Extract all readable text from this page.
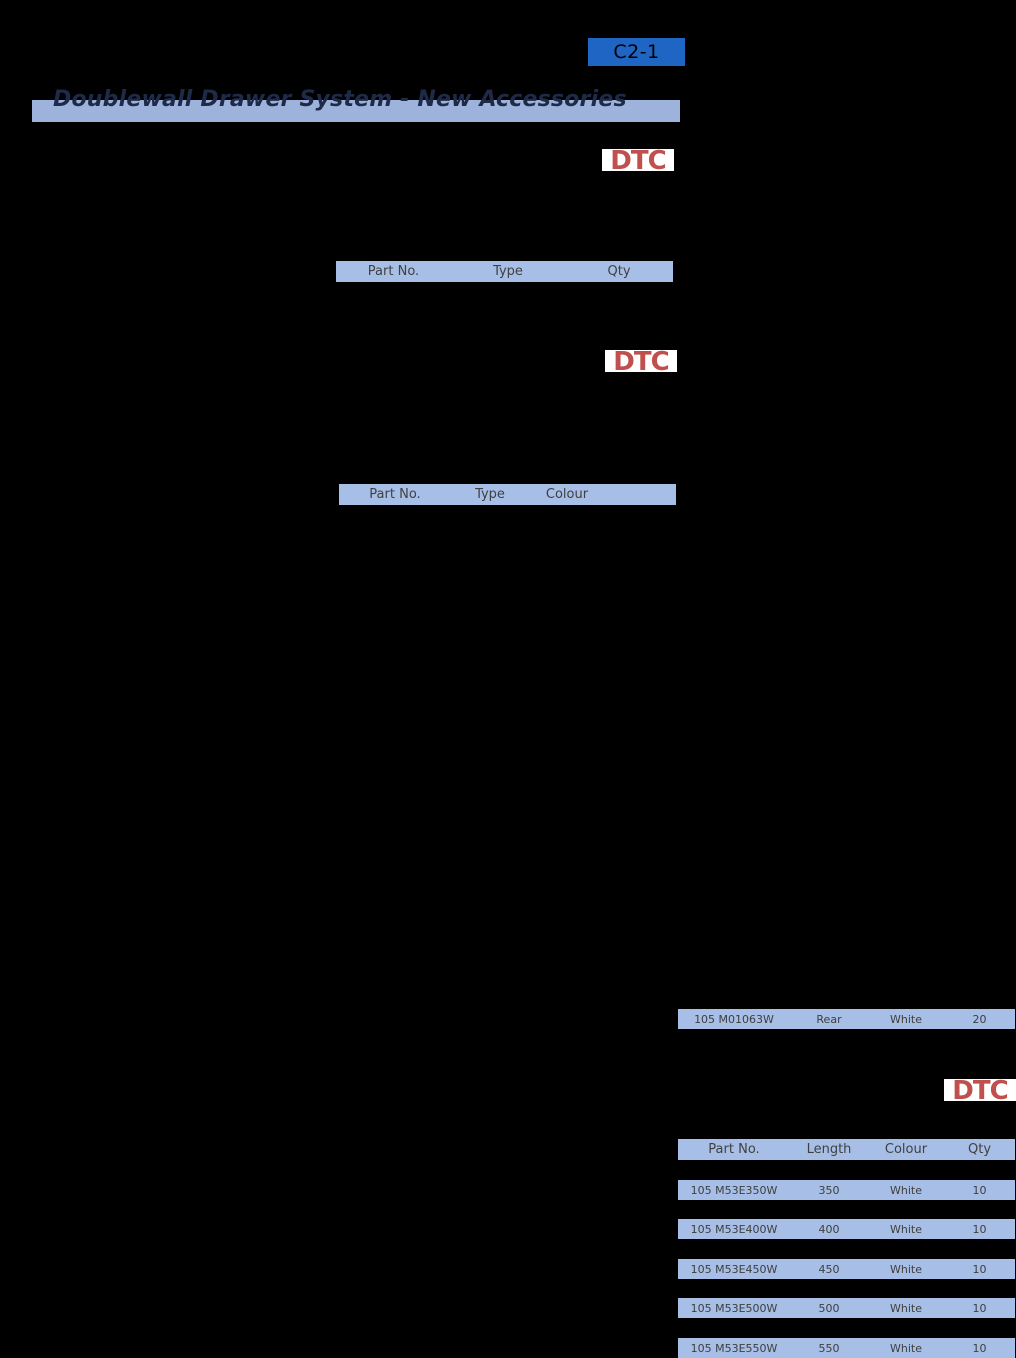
C2-1
Doublewall Drawer System - New Accessories
DTC
Part No.	Type	Qty
DTC
Part No.	Type	Colour
105 M01063W	Rear	White	20
DTC
Part No.	Length	Colour	Qty
105 M53E350W	350	White	10
105 M53E400W	400	White	10
105 M53E450W	450	White	10
105 M53E500W	500	White	10
105 M53E550W	550	White	10
